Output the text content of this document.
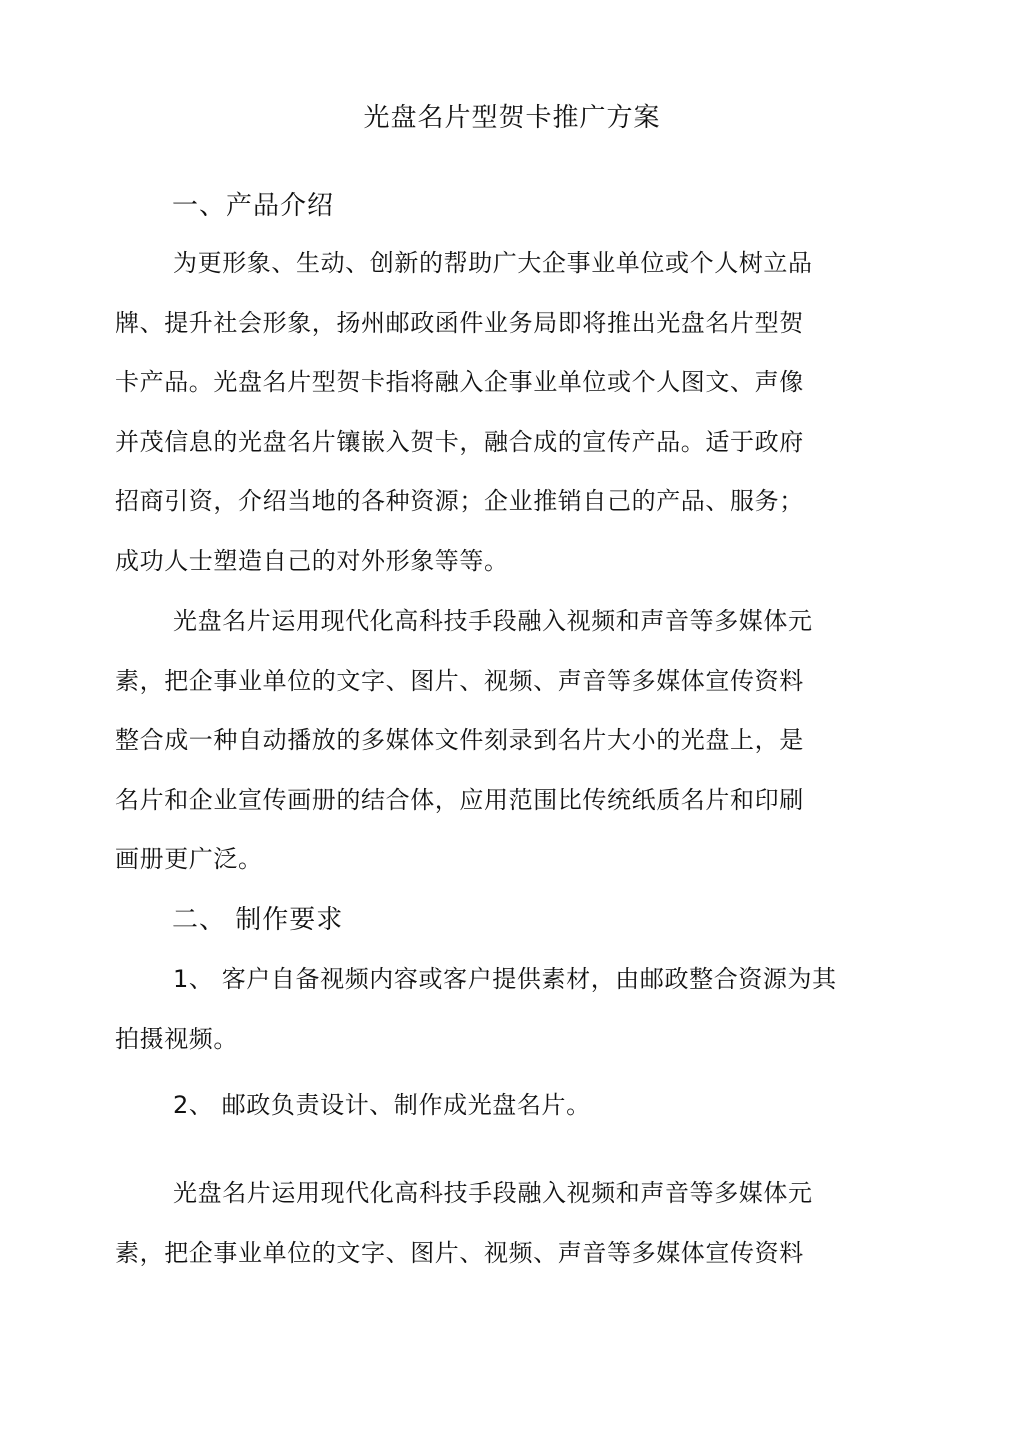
光盘名片型贺卡推广方案
一、产品介绍

为更形象、生动、创新的帮助广大企事业单位或个人树立品
牌、提升社会形象，扬州邮政函件业务局即将推出光盘名片型贺
卡产品。光盘名片型贺卡指将融入企事业单位或个人图文、声像
并茂信息的光盘名片镶嵌入贺卡，融合成的宣传产品。适于政府
招商引资，介绍当地的各种资源；企业推销自己的产品、服务；
成功人士塑造自己的对外形象等等。

光盘名片运用现代化高科技手段融入视频和声音等多媒体元
素，把企事业单位的文字、图片、视频、声音等多媒体宣传资料
整合成一种自动播放的多媒体文件刻录到名片大小的光盘上，是
名片和企业宣传画册的结合体，应用范围比传统纸质名片和印刷
画册更广泛。

二、 制作要求

1、 客户自备视频内容或客户提供素材，由邮政整合资源为其
拍摄视频。

2、 邮政负责设计、制作成光盘名片。

光盘名片运用现代化高科技手段融入视频和声音等多媒体元
素，把企事业单位的文字、图片、视频、声音等多媒体宣传资料
